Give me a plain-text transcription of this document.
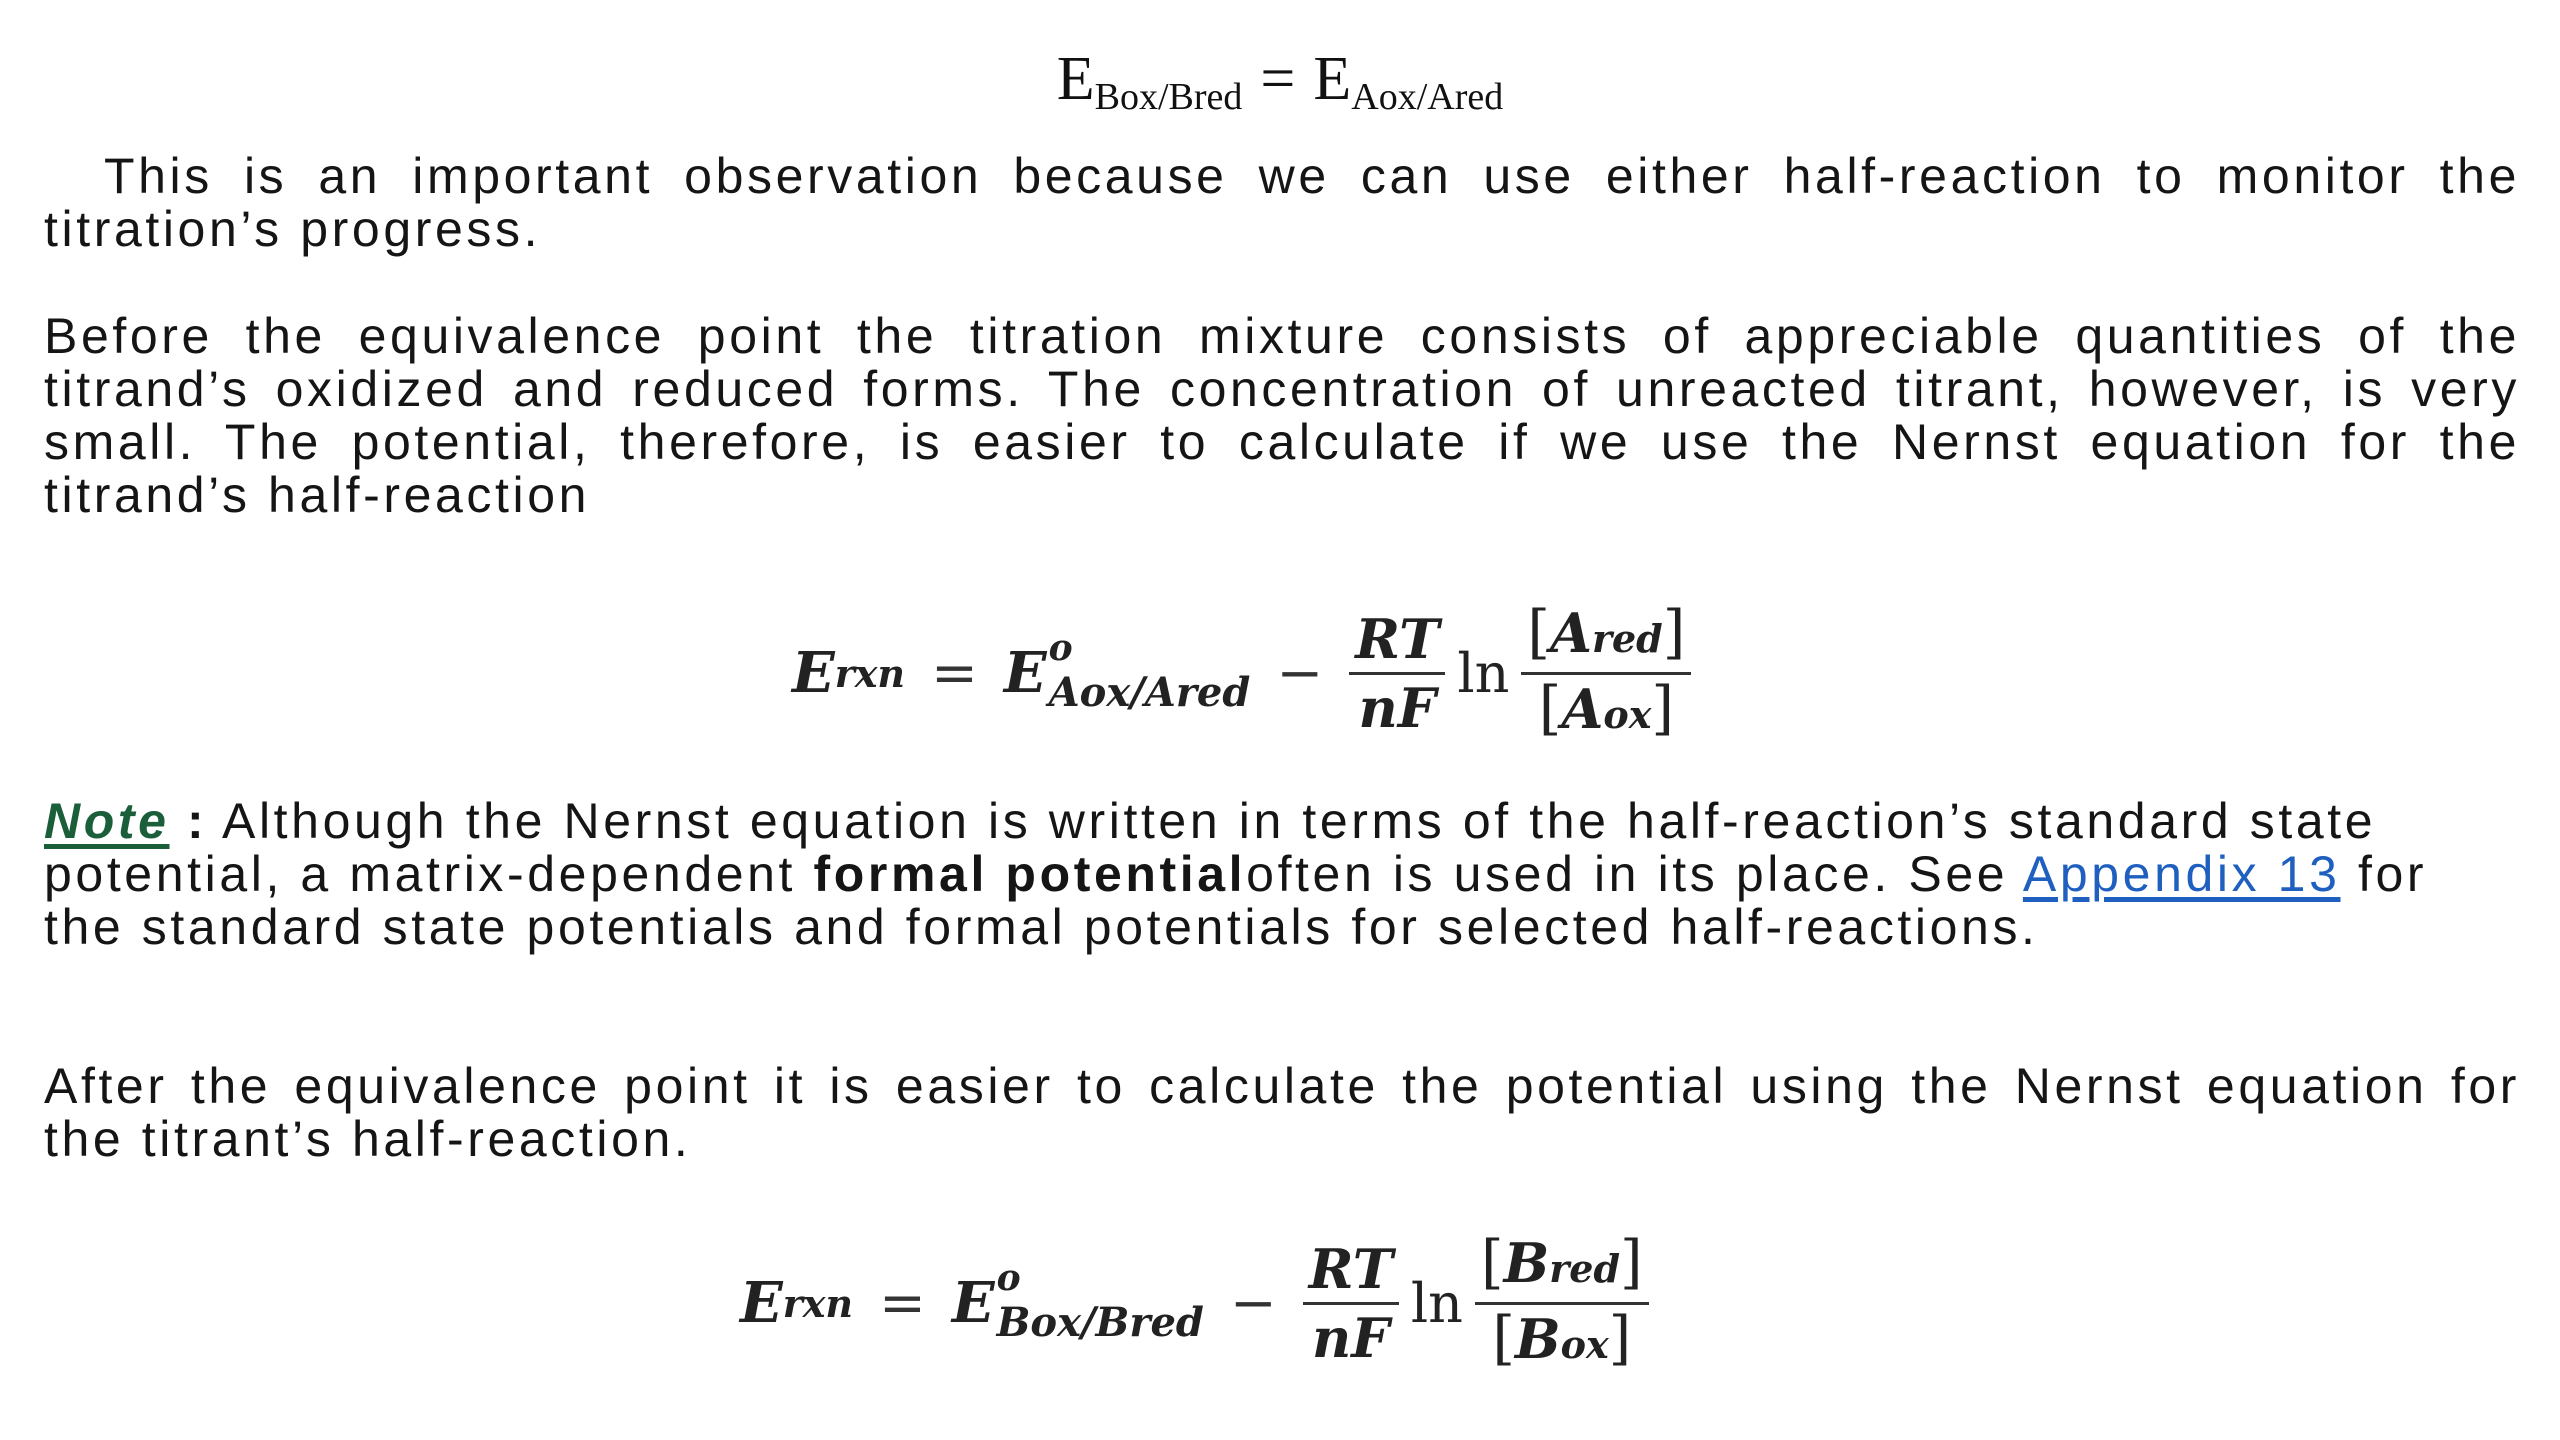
EBox/Bred = EAox/Ared

This is an important observation because we can use either half-reaction to monitor the titration’s progress.

Before the equivalence point the titration mixture consists of appreciable quantities of the titrand’s oxidized and reduced forms. The concentration of unreacted titrant, however, is very small. The potential, therefore, is easier to calculate if we use the Nernst equation for the titrand’s half-reaction

E rxn = E o
Aox/Ared − $\frac{RT}{nF}$ $\ln \frac{\text{[Ared]}}{\text{[Aox]}}$

Note : Although the Nernst equation is written in terms of the half-reaction’s standard state potential, a matrix-dependent formal potentialoften is used in its place. See Appendix 13 for the standard state potentials and formal potentials for selected half-reactions.

After the equivalence point it is easier to calculate the potential using the Nernst equation for the titrant’s half-reaction.

E rxn = E o
Box/Bred − $\frac{RT}{nF}$ $\ln \frac{\text{[Bred]}}{\text{[Box]}}$
